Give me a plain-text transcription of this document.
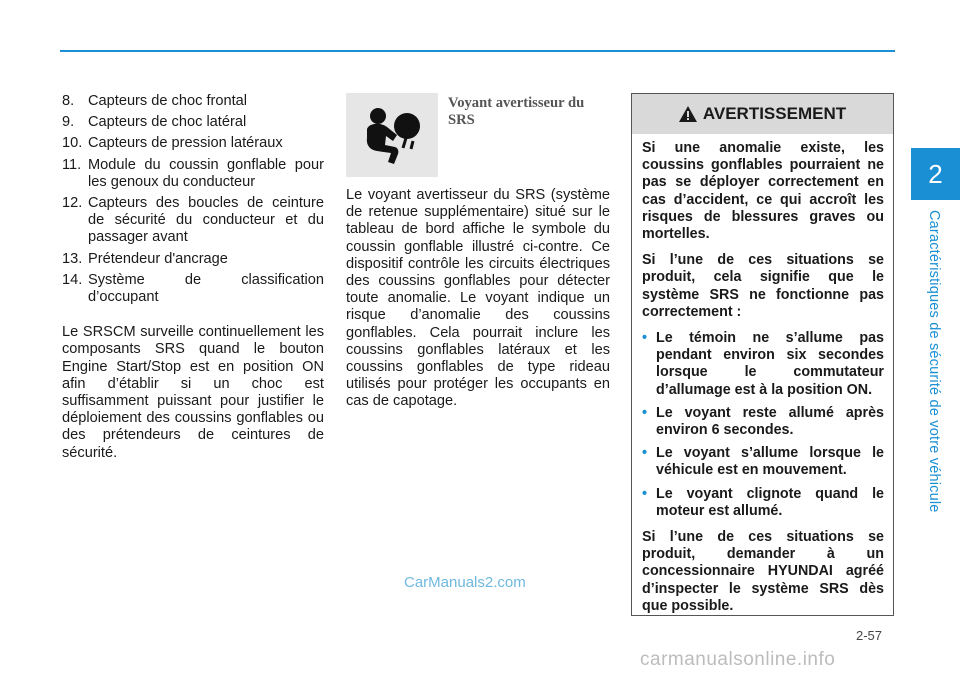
2
Caractéristiques de sécurité de votre véhicule
8. Capteurs de choc frontal
9. Capteurs de choc latéral
10. Capteurs de pression latéraux
11. Module du coussin gonflable pour les genoux du conducteur
12. Capteurs des boucles de ceinture de sécurité du conducteur et du passager avant
13. Prétendeur d'ancrage
14. Système de classification d’occupant

Le SRSCM surveille continuellement les composants SRS quand le bouton Engine Start/Stop est en position ON afin d’établir si un choc est suffisamment puissant pour justifier le déploiement des coussins gonflables ou des prétendeurs de ceintures de sécurité.

Voyant avertisseur du SRS

Le voyant avertisseur du SRS (système de retenue supplémentaire) situé sur le tableau de bord affiche le symbole du coussin gonflable illustré ci-contre. Ce dispositif contrôle les circuits électriques des coussins gonflables pour détecter toute anomalie. Le voyant indique un risque d’anomalie des coussins gonflables. Cela pourrait inclure les coussins gonflables latéraux et les coussins gonflables de type rideau utilisés pour protéger les occupants en cas de capotage.

AVERTISSEMENT

Si une anomalie existe, les coussins gonflables pourraient ne pas se déployer correctement en cas d’accident, ce qui accroît les risques de blessures graves ou mortelles.

Si l’une de ces situations se produit, cela signifie que le système SRS ne fonctionne pas correctement :

• Le témoin ne s’allume pas pendant environ six secondes lorsque le commutateur d’allumage est à la position ON.
• Le voyant reste allumé après environ 6 secondes.
• Le voyant s’allume lorsque le véhicule est en mouvement.
• Le voyant clignote quand le moteur est allumé.

Si l’une de ces situations se produit, demander à un concessionnaire HYUNDAI agréé d’inspecter le système SRS dès que possible.

CarManuals2.com
2-57
carmanualsonline.info
